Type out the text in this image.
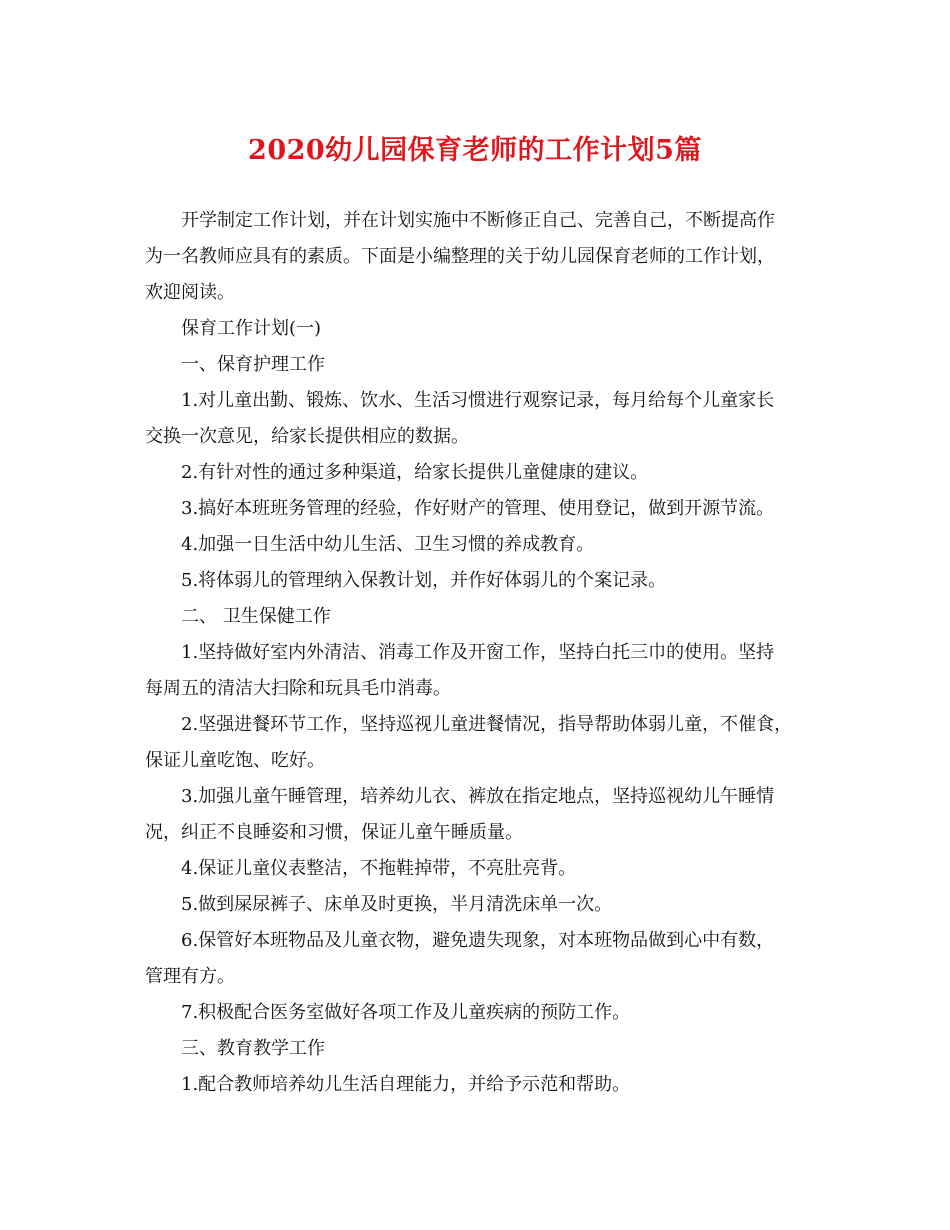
2020幼儿园保育老师的工作计划5篇
开学制定工作计划，并在计划实施中不断修正自己、完善自己，不断提高作
为一名教师应具有的素质。下面是小编整理的关于幼儿园保育老师的工作计划，
欢迎阅读。
保育工作计划(一)
一、保育护理工作
1.对儿童出勤、锻炼、饮水、生活习惯进行观察记录，每月给每个儿童家长
交换一次意见，给家长提供相应的数据。
2.有针对性的通过多种渠道，给家长提供儿童健康的建议。
3.搞好本班班务管理的经验，作好财产的管理、使用登记，做到开源节流。
4.加强一日生活中幼儿生活、卫生习惯的养成教育。
5.将体弱儿的管理纳入保教计划，并作好体弱儿的个案记录。
二、 卫生保健工作
1.坚持做好室内外清洁、消毒工作及开窗工作，坚持白托三巾的使用。坚持
每周五的清洁大扫除和玩具毛巾消毒。
2.坚强进餐环节工作，坚持巡视儿童进餐情况，指导帮助体弱儿童，不催食，
保证儿童吃饱、吃好。
3.加强儿童午睡管理，培养幼儿衣、裤放在指定地点，坚持巡视幼儿午睡情
况，纠正不良睡姿和习惯，保证儿童午睡质量。
4.保证儿童仪表整洁，不拖鞋掉带，不亮肚亮背。
5.做到屎尿裤子、床单及时更换，半月清洗床单一次。
6.保管好本班物品及儿童衣物，避免遗失现象，对本班物品做到心中有数，
管理有方。
7.积极配合医务室做好各项工作及儿童疾病的预防工作。
三、教育教学工作
1.配合教师培养幼儿生活自理能力，并给予示范和帮助。
